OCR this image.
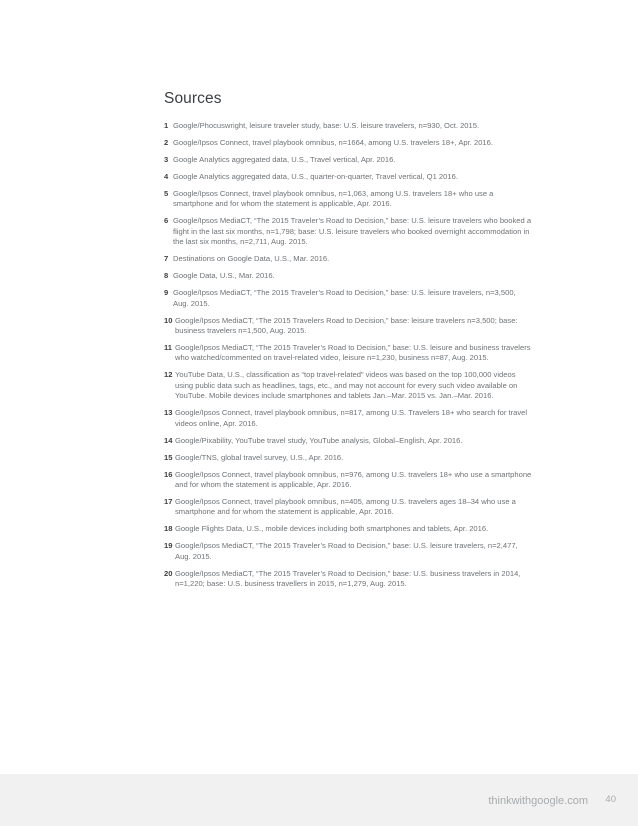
Sources
1 Google/Phocuswright, leisure traveler study, base: U.S. leisure travelers, n=930, Oct. 2015.
2 Google/Ipsos Connect, travel playbook omnibus, n=1664, among U.S. travelers 18+, Apr. 2016.
3 Google Analytics aggregated data, U.S., Travel vertical, Apr. 2016.
4 Google Analytics aggregated data, U.S., quarter-on-quarter, Travel vertical, Q1 2016.
5 Google/Ipsos Connect, travel playbook omnibus, n=1,063, among U.S. travelers 18+ who use a smartphone and for whom the statement is applicable, Apr. 2016.
6 Google/Ipsos MediaCT, “The 2015 Traveler’s Road to Decision,” base: U.S. leisure travelers who booked a flight in the last six months, n=1,798; base: U.S. leisure travelers who booked overnight accommodation in the last six months, n=2,711, Aug. 2015.
7 Destinations on Google Data, U.S., Mar. 2016.
8 Google Data, U.S., Mar. 2016.
9 Google/Ipsos MediaCT, “The 2015 Traveler’s Road to Decision,” base: U.S. leisure travelers, n=3,500, Aug. 2015.
10 Google/Ipsos MediaCT, “The 2015 Travelers Road to Decision,” base: leisure travelers n=3,500; base: business travelers n=1,500, Aug. 2015.
11 Google/Ipsos MediaCT, “The 2015 Traveler’s Road to Decision,” base: U.S. leisure and business travelers who watched/commented on travel-related video, leisure n=1,230, business n=87, Aug. 2015.
12 YouTube Data, U.S., classification as “top travel-related” videos was based on the top 100,000 videos using public data such as headlines, tags, etc., and may not account for every such video available on YouTube. Mobile devices include smartphones and tablets Jan.–Mar. 2015 vs. Jan.–Mar. 2016.
13 Google/Ipsos Connect, travel playbook omnibus, n=817, among U.S. Travelers 18+ who search for travel videos online, Apr. 2016.
14 Google/Pixability, YouTube travel study, YouTube analysis, Global–English, Apr. 2016.
15 Google/TNS, global travel survey, U.S., Apr. 2016.
16 Google/Ipsos Connect, travel playbook omnibus, n=976, among U.S. travelers 18+ who use a smartphone and for whom the statement is applicable, Apr. 2016.
17 Google/Ipsos Connect, travel playbook omnibus, n=405, among U.S. travelers ages 18–34 who use a smartphone and for whom the statement is applicable, Apr. 2016.
18 Google Flights Data, U.S., mobile devices including both smartphones and tablets, Apr. 2016.
19 Google/Ipsos MediaCT, “The 2015 Traveler’s Road to Decision,” base: U.S. leisure travelers, n=2,477, Aug. 2015.
20 Google/Ipsos MediaCT, “The 2015 Traveler’s Road to Decision,” base: U.S. business travelers in 2014, n=1,220; base: U.S. business travellers in 2015, n=1,279, Aug. 2015.
thinkwithgoogle.com 40
